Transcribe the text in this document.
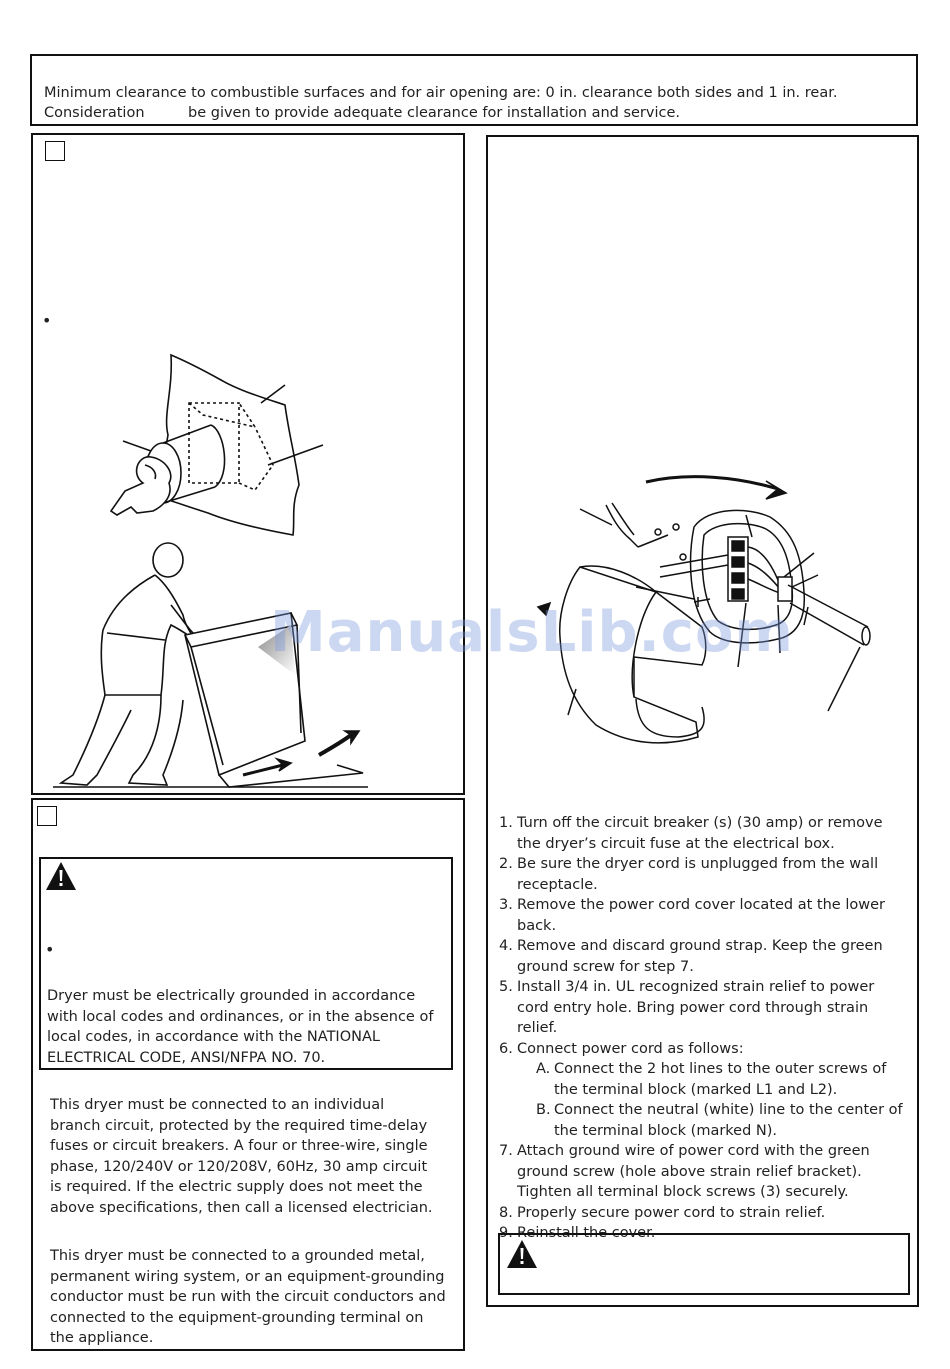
Minimum clearance to combustible surfaces and for air opening are: 0 in. clearance both sides and 1 in. rear.
Consideration	be given to provide adequate clearance for installation and service.
•
•
Dryer must be electrically grounded in accordance with local codes and ordinances, or in the absence of local codes, in accordance with the NATIONAL ELECTRICAL CODE, ANSI/NFPA NO. 70.
This dryer must be connected to an individual branch circuit, protected by the required time-delay fuses or circuit breakers. A four or three-wire, single phase, 120/240V or 120/208V, 60Hz, 30 amp circuit is required. If the electric supply does not meet the above specifications, then call a licensed electrician.
This dryer must be connected to a grounded metal, permanent wiring system, or an equipment-grounding conductor must be run with the circuit conductors and connected to the equipment-grounding terminal on the appliance.
1. Turn off the circuit breaker (s) (30 amp) or remove the dryer’s circuit fuse at the electrical box.
2. Be sure the dryer cord is unplugged from the wall receptacle.
3. Remove the power cord cover located at the lower back.
4. Remove and discard ground strap. Keep the green ground screw for step 7.
5. Install 3/4 in. UL recognized strain relief to power cord entry hole. Bring power cord through strain relief.
6. Connect power cord as follows:
A. Connect the 2 hot lines to the outer screws of the terminal block (marked L1 and L2).
B. Connect the neutral (white) line to the center of the terminal block (marked N).
7. Attach ground wire of power cord with the green ground screw (hole above strain relief bracket). Tighten all terminal block screws (3) securely.
8. Properly secure power cord to strain relief.
9. Reinstall the cover.
ManualsLib.com
